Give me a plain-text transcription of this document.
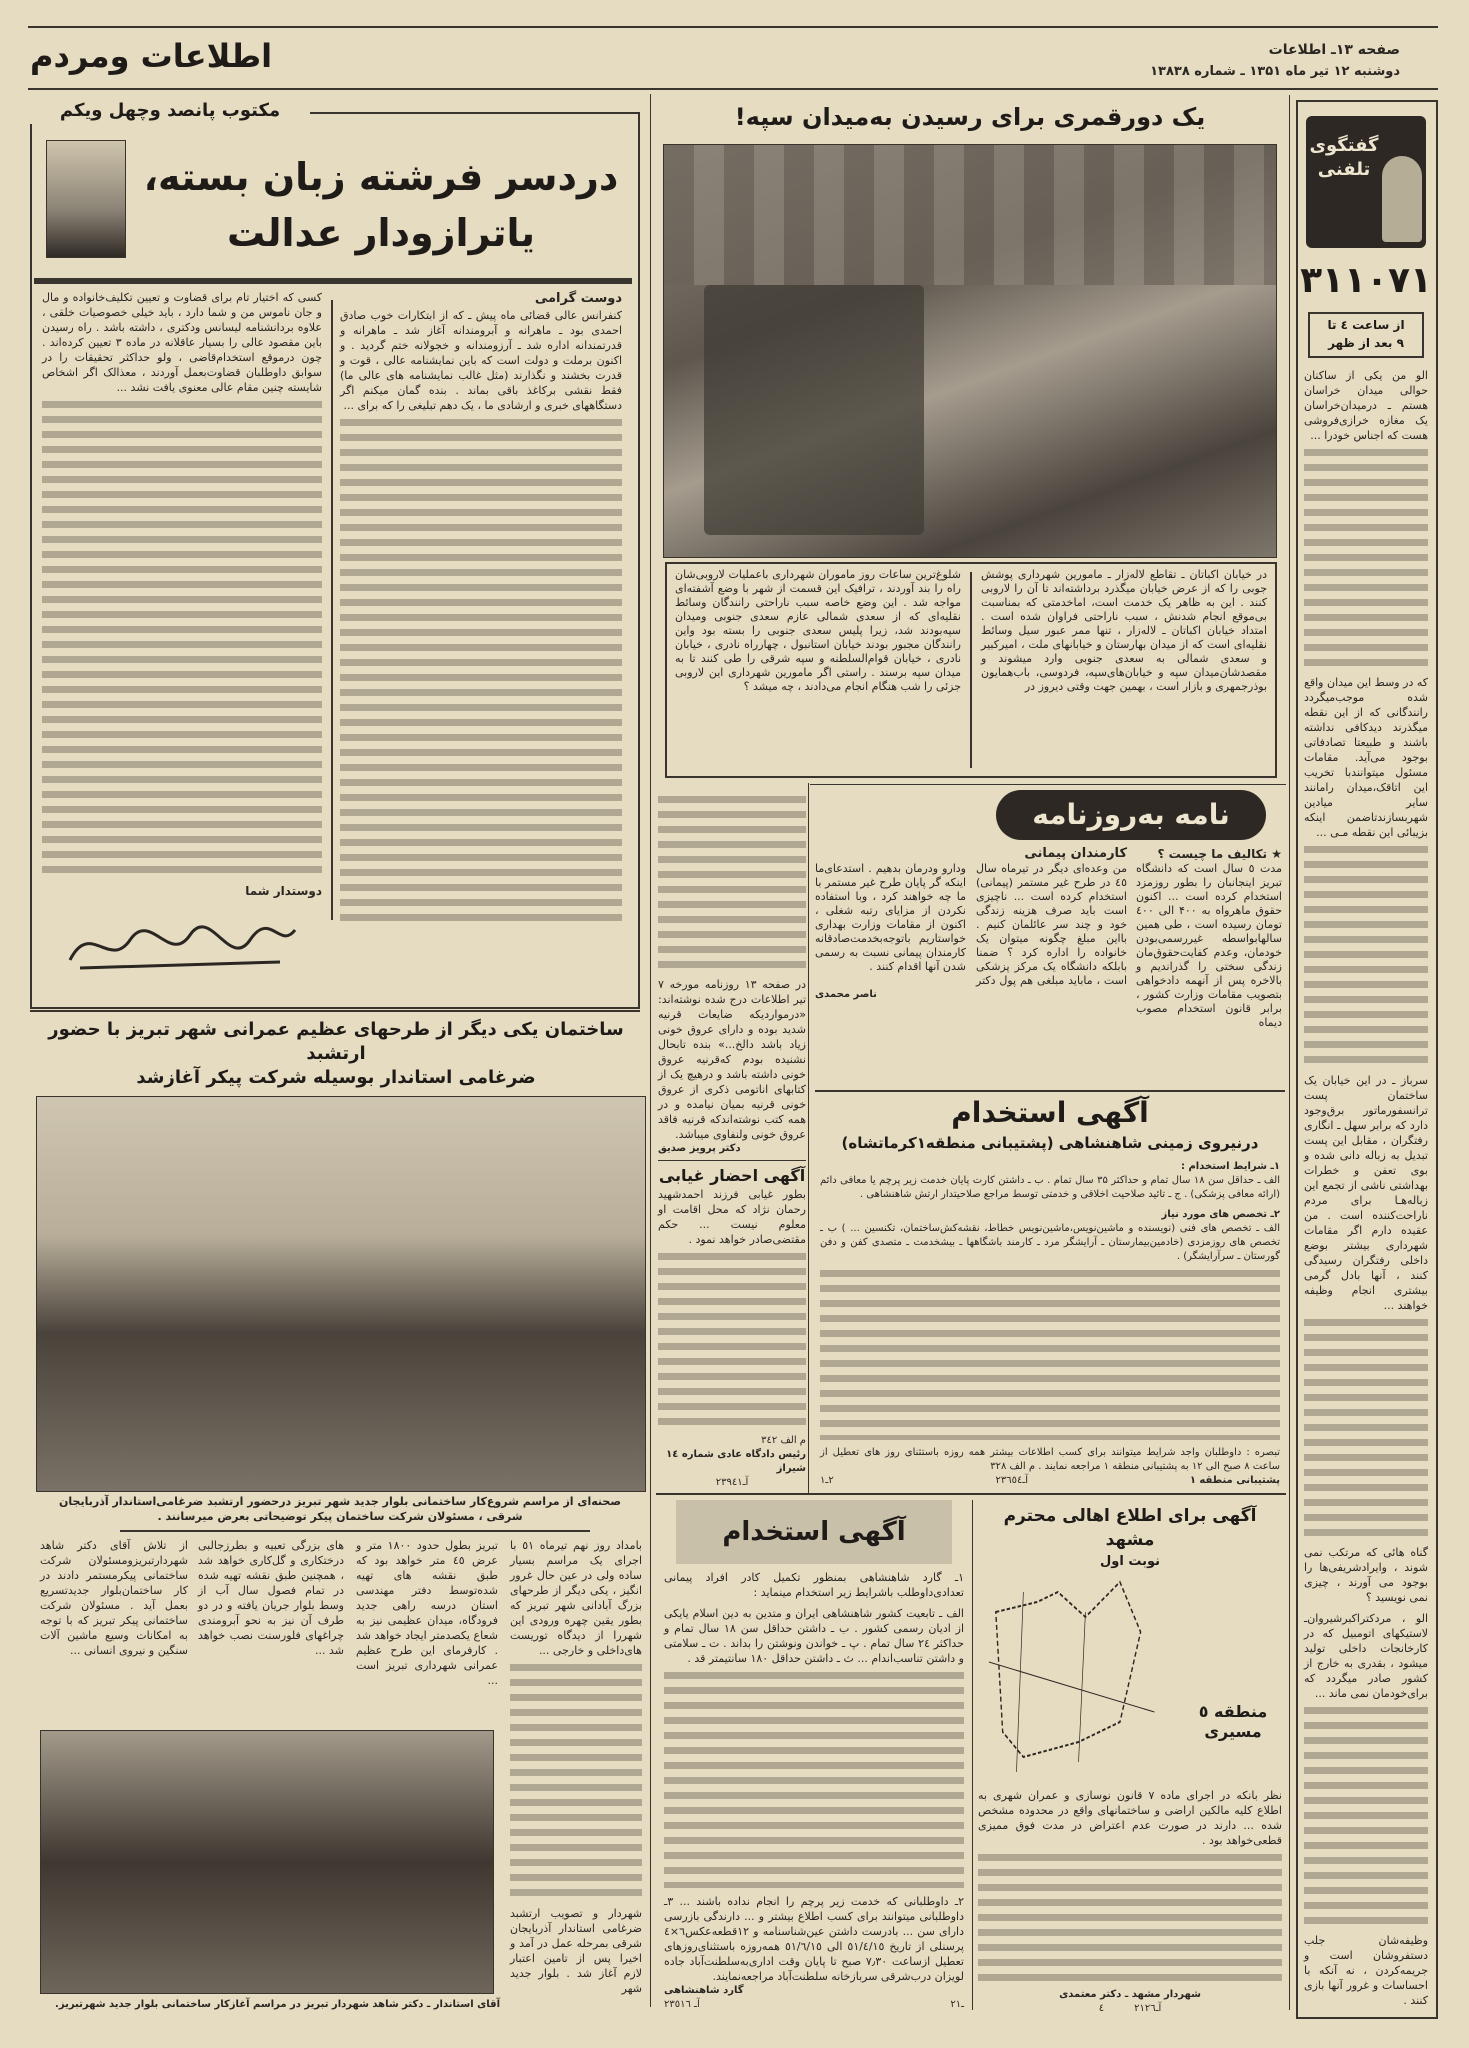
اطلاعات ومردم	صفحه ۱۳ـ اطلاعات
دوشنبه ۱۲ تیر ماه ۱۳۵۱ ـ شماره ۱۳۸۳۸
گفتگوی تلفنی
۳۱۱۰۷۱
از ساعت ٤ تا
۹ بعد از ظهر
الو من یکی از ساکنان حوالی میدان خراسان هستم ـ درمیدان‌خراسان یک مغازه خرازی‌فروشی هست که اجناس خودرا ...
که در وسط این میدان واقع شده موجب‌میگردد رانندگانی که از این نقطه میگذرند دیدکافی نداشته باشند و طبیعتا تصادفاتی بوجود می‌آید. مقامات مسئول میتوانندبا تخریب این اتاقک،میدان رامانند سایر میادین شهربسازندتاضمن اینکه بزیبائی این نقطه مـی ...
سرباز ـ در این خیابان یک ساختمان پست ترانسفورماتور برق‌وجود دارد که برابر سهل ـ انگاری رفتگران ، مقابل این پست تبدیل به زباله دانی شده و بوی تعفن و خطرات بهداشتی ناشی از تجمع این زباله‌هـا برای مردم ناراحت‌کننده است . من عقیده دارم اگر مقامات شهرداری بیشتر بوضع داخلی رفتگران رسیدگی کنند ، آنها بادل گرمی بیشتری انجام وظیفه خواهند ...
گناه هائی که مرتکب نمی شوند ، وایرادشریفی‌ها را بوجود می آورند ، چیزی نمی نویسید ؟
الو ، مردکتراکبرشیروان‌ـ لاستیکهای اتومبیل که در کارخانجات داخلی تولید میشود ، بقدری به خارج از کشور صادر میگردد که برای‌خودمان نمی ماند ...
وظیفه‌شان جلب دستفروشان است و جریمه‌کردن ، نه آنکه با احساسات و غرور آنها بازی کنند .
یک دورقمری برای رسیدن به‌میدان سپه!
در خیابان اکباتان ـ تقاطع لاله‌زار ـ مامورین شهرداری پوشش جوبی را که از عرض خیابان میگذرد برداشته‌اند تا آن را لاروبی کنند . این به ظاهر یک خدمت است، اماخدمتی که بمناسبت بی‌موقع انجام شدنش ، سبب ناراحتی فراوان شده است . امتداد خیابان اکباتان ـ لاله‌زار ، تنها ممر عبور سیل وسائط نقلیه‌ای است که از میدان بهارستان و خیابانهای ملت ، امیرکبیر و سعدی شمالی به سعدی جنوبی وارد میشوند و مقصدشان‌میدان سپه و خیابان‌های‌سپه، فردوسی، باب‌همایون بوذرجمهری و بازار است ، بهمین جهت وقتی دیروز در
شلوغ‌ترین ساعات روز ماموران شهرداری باعملیات لاروبی‌شان راه را بند آوردند ، ترافیک این قسمت از شهر با وضع آشفته‌ای مواجه شد . این وضع خاصه سبب ناراحتی رانندگان وسائط نقلیه‌ای که از سعدی شمالی عازم سعدی جنوبی ومیدان سپه‌بودند شد، زیرا پلیس سعدی جنوبی را بسته بود واین رانندگان مجبور بودند خیابان استانبول ، چهارراه نادری ، خیابان نادری ، خیابان قوام‌السلطنه و سپه شرقی را طی کنند تا به میدان سپه برسند . راستی اگر مامورین شهرداری این لاروبی جزئی را شب هنگام انجام می‌دادند ، چه میشد ؟
مکتوب پانصد وچهل ویکم
دردسر فرشته زبان بسته،
یاترازودار عدالت
دوست گرامی
کنفرانس عالی قضائی ماه پیش ـ که از ابتکارات خوب صادق احمدی بود ـ ماهرانه و آبرومندانه آغاز شد ـ ماهرانه و قدرتمندانه اداره شد ـ آرزومندانه و خجولانه ختم گردید . و اکنون برملت و دولت است که باین نمایشنامه عالی ، قوت و قدرت بخشند و نگذارند (مثل غالب نمایشنامه های عالی ما) فقط نقشی برکاغذ باقی بماند . بنده گمان میکنم اگر دستگاههای خبری و ارشادی ما ، یک دهم تبلیغی را که برای ...
کسی که اختیار تام برای قضاوت و تعیین تکلیف‌خانواده و مال و جان ناموس من و شما دارد ، باید خیلی خصوصیات خلقی ، علاوه بردانشنامه لیسانس ودکتری ، داشته باشد . راه رسیدن باین مقصود عالی را بسیار عاقلانه در ماده ۳ تعیین کرده‌اند . چون درموقع استخدام‌قاضی ، ولو حداکثر تحقیقات را در سوابق داوطلبان قضاوت‌بعمل آوردند ، معذالک اگر اشخاص شایسته چنین مقام عالی معنوی یافت نشد ...
دوستدار شما
ساختمان یکی دیگر از طرحهای عظیم عمرانی شهر تبریز با حضور ارتشبد
ضرغامی استاندار بوسیله شرکت پیکر آغازشد
صحنه‌ای از مراسم شروع‌کار ساختمانی بلوار جدید شهر تبریز درحضور ارتشبد ضرغامی‌استاندار آذربایجان شرقی ، مسئولان شرکت ساختمان پیکر توضیحاتی بعرض میرسانند .
بامداد روز نهم تیرماه ٥١ با اجرای یک مراسم بسیار ساده ولی در عین حال غرور انگیز ، یکی دیگر از طرحهای بزرگ آبادانی شهر تبریز که بطور یقین چهره ورودی این شهررا از دیدگاه توریست های‌داخلی و خارجی ...
شهردار و تصویب ارتشبد ضرغامی استاندار آذربایجان شرقی بمرحله عمل در آمد و اخیرا پس از تامین اعتبار لازم آغاز شد . بلوار جدید شهر
تبریز بطول حدود ۱۸۰۰ متر و عرض ٤٥ متر خواهد بود که طبق نقشه های تهیه شده‌توسط دفتر مهندسی استان درسه راهی جدید فرودگاه، میدان عظیمی نیز به شعاع یکصدمتر ایجاد خواهد شد . کارفرمای این طرح عظیم عمرانی شهرداری تبریز است ...
های بزرگی تعبیه و بطرزجالبی درختکاری و گل‌کاری خواهد شد ، همچنین طبق نقشه تهیه شده در تمام فصول سال آب از وسط بلوار جریان یافته و در دو طرف آن نیز به نحو آبرومندی چراغهای فلورسنت نصب خواهد شد ...
از تلاش آقای دکتر شاهد شهردارتبریزومسئولان شرکت ساختمانی پیکرمستمر دادند در کار ساختمان‌بلوار جدیدتسریع بعمل آید . مسئولان شرکت ساختمانی پیکر تبریز که با توجه به امکانات وسیع ماشین آلات سنگین و نیروی انسانی ...
آقای استاندار ـ دکتر شاهد شهردار تبریز در مراسم آغازکار ساختمانی بلوار جدید شهرتبریز.
در صفحه ۱۳ روزنامه مورخه ۷ تیر اطلاعات درج شده نوشته‌اند: «درمواردیکه ضایعات قرنیه شدید بوده و دارای عروق خونی زیاد باشد دالخ...» بنده تابحال نشنیده بودم که‌قرنیه عروق خونی داشته باشد و درهیچ یک از کتابهای اناتومی ذکری از عروق خونی قرنیه بمیان نیامده و در همه کتب نوشته‌اندکه قرنیه فاقد عروق خونی ولنفاوی میباشد.
دکتر پرویز صدیق
آگهی احضار غیابی
بطور غیابی فرزند احمدشهید رحمان نژاد که محل اقامت او معلوم نیست ... حکم مقتضی‌صادر خواهد نمود .
م الف ۳٤۲
رئیس دادگاه عادی شماره ۱٤ شیراز
آـ۲۳۹٤۱
نامه به‌روزنامه
★ تکالیف ما چیست ؟
مدت ٥ سال است که دانشگاه تبریز اینجانبان را بطور روزمزد استخدام کرده است ... اکنون حقوق ماهرواه به ۴۰۰ الی ٤٠٠ تومان رسیده است ، طی همین سالهابواسطه غیررسمی‌بودن خودمان، وعدم کفایت‌حقوق‌مان زندگی سختی را گذراندیم و بالاخره پس از آنهمه دادخواهی بتصویب مقامات وزارت کشور ، برابر قانون استخدام مصوب دیماه
کارمندان پیمانی
من وعده‌ای دیگر در تیرماه سال ٤٥ در طرح غیر مستمر (پیمانی) استخدام کرده است ... ناچیزی است باید صرف هزینه زندگی خود و چند سر عائلمان کنیم . بااین مبلغ چگونه میتوان یک خانواده را اداره کرد ؟ ضمنا بابلکه دانشگاه یک مرکز پزشکی است ، ماباید مبلغی هم پول دکتر ودارو ودرمان بدهیم . استدعای‌ما اینکه گر پایان طرح غیر مستمر با ما چه خواهند کرد ، وبا استفاده نکردن از مزایای رتبه شغلی ، اکنون از مقامات وزارت بهداری خواستاریم باتوجه‌بخدمت‌صادقانه کارمندان پیمانی نسبت به رسمی شدن آنها اقدام کنند .
ناصر محمدی
آگهی استخدام
درنیروی زمینی شاهنشاهی (پشتیبانی منطقه۱کرماتشاه)
۱ـ شرایط استخدام :
الف ـ حداقل سن ۱۸ سال تمام و حداکثر ۳۵ سال تمام . ب ـ داشتن کارت پایان خدمت زیر پرچم یا معافی دائم (ارائه معافی پزشکی) . ج ـ تائید صلاحیت اخلاقی و خدمتی توسط مراجع صلاحیتدار ارتش شاهنشاهی .
۲ـ تخصص های مورد نیاز
الف ـ تخصص های فنی (نویسنده و ماشین‌نویس،ماشین‌نویس خطاط، نقشه‌کش‌ساختمان، تکنسین ... ) ب ـ تخصص های روزمزدی (خادمین‌بیمارستان ـ آرایشگر مرد ـ کارمند باشگاهها ـ بیشخدمت ـ متصدی کفن و دفن گورستان ـ سرآرایشگر) .
تبصره : داوطلبان واجد شرایط میتوانند برای کسب اطلاعات بیشتر همه روزه باستثنای روز های تعطیل از ساعت ۸ صبح الی ۱۲ به پشتیبانی منطقه ۱ مراجعه نمایند . م الف ۳۲۸
پشتیبانی منطقه ۱
آـ۲۳٦٥٤
۲ـ۱
آگهی استخدام
۱ـ گارد شاهنشاهی بمنظور تکمیل کادر افراد پیمانی تعدادی‌داوطلب باشرایط زیر استخدام مینماید :
الف ـ تابعیت کشور شاهنشاهی ایران و متدین به دین اسلام یایکی از ادیان رسمی کشور . ب ـ داشتن حداقل سن ۱۸ سال تمام و حداکثر ۲٤ سال تمام . پ ـ خواندن ونوشتن را بداند . ت ـ سلامتی و داشتن تناسب‌اندام ... ث ـ داشتن حداقل ۱۸۰ سانتیمتر قد .
۲ـ داوطلبانی که خدمت زیر پرچم را انجام نداده باشند ... ۳ـ داوطلبانی میتوانند برای کسب اطلاع بیشتر و ... دارندگی بازرسی دارای سن ... بادرست داشتن عین‌شناسنامه و ۱۲قطعه‌عکس٦×٤ پرسنلی از تاریخ ٥١/٤/١٥ الی ٥١/٦/١٥ همه‌روزه باستثنای‌روزهای تعطیل ازساعت ۷٫۳۰ صبح تا پایان وقت اداری‌به‌سلطنت‌آباد جاده لویزان درب‌شرقی سربازخانه سلطنت‌آباد مراجعه‌نمایند.
گارد شاهنشاهی
آـ ۲۳٥١٦	۲ـ۱
آگهی برای اطلاع اهالی محترم مشهد
نوبت اول
منطقه ٥ مسیری
نظر بانکه در اجرای ماده ۷ قانون نوسازی و عمران شهری به اطلاع کلیه مالکین اراضی و ساختمانهای واقع در محدوده مشخص شده ... دارند در صورت عدم اعتراض در مدت فوق ممیزی قطعی‌خواهد بود .
شهردار مشهد ـ دکتر معتمدی
٤	آـ۲۱۲٦
